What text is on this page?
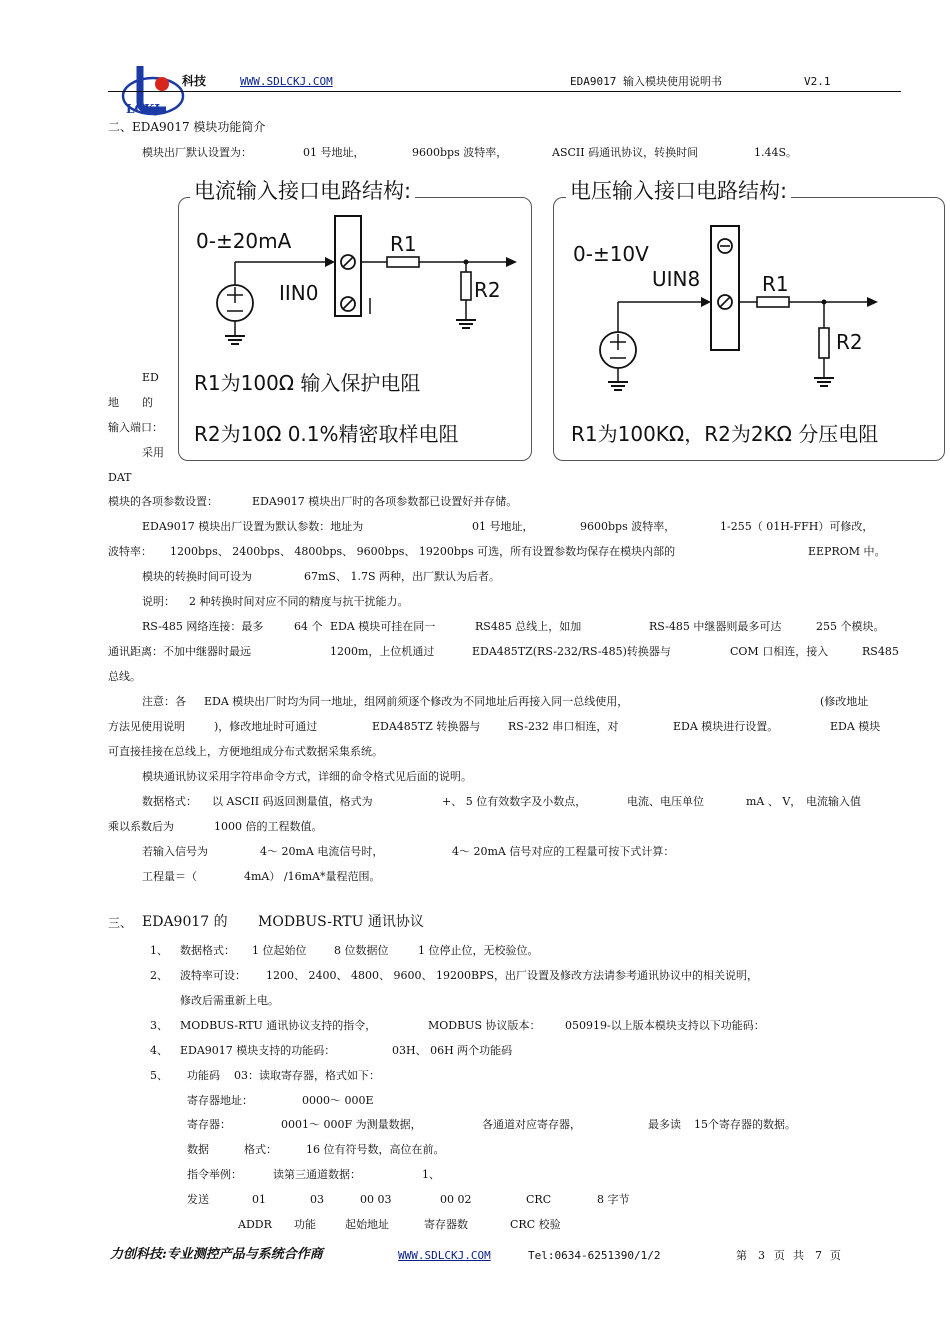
LCKJ
科技	WWW.SDLCKJ.COM	EDA9017 输入模块使用说明书	V2.1
二、EDA9017 模块功能简介
模块出厂默认设置为：	01 号地址，	9600bps 波特率，	ASCII 码通讯协议，转换时间	1.44S。
ED
地 的
输入端口：
采用
DAT
电流输入接口电路结构:
0-±20mA
IIN0
R1
R2
R1为100Ω 输入保护电阻
R2为10Ω 0.1%精密取样电阻
电压输入接口电路结构:
0-±10V
UIN8	R1
R2
R1为100KΩ，R2为2KΩ 分压电阻
模块的各项参数设置：	EDA9017 模块出厂时的各项参数都已设置好并存储。
EDA9017 模块出厂设置为默认参数：地址为	01 号地址，	9600bps 波特率，	1-255（ 01H-FFH）可修改，
波特率： 1200bps、 2400bps、 4800bps、 9600bps、 19200bps 可选，所有设置参数均保存在模块内部的	EEPROM 中。
模块的转换时间可设为	67mS、 1.7S 两种，出厂默认为后者。
说明： 2 种转换时间对应不同的精度与抗干扰能力。
RS-485 网络连接：最多	64 个 EDA 模块可挂在同一	RS485 总线上，如加	RS-485 中继器则最多可达	255 个模块。
通讯距离：不加中继器时最远	1200m，上位机通过	EDA485TZ(RS-232/RS-485)转换器与	COM 口相连，接入	RS485
总线。
注意：各 EDA 模块出厂时均为同一地址，组网前须逐个修改为不同地址后再接入同一总线使用，	(修改地址
方法见使用说明	)，修改地址时可通过	EDA485TZ 转换器与	RS-232 串口相连，对	EDA 模块进行设置。	EDA 模块
可直接挂接在总线上，方便地组成分布式数据采集系统。
模块通讯协议采用字符串命令方式，详细的命令格式见后面的说明。
数据格式： 以 ASCII 码返回测量值，格式为	+、 5 位有效数字及小数点，	电流、电压单位	mA 、 V， 电流输入值
乘以系数后为	1000 倍的工程数值。
若输入信号为	4～ 20mA 电流信号时，	4～ 20mA 信号对应的工程量可按下式计算：
工程量＝（	4mA） /16mA*量程范围。
三、 EDA9017 的 MODBUS-RTU 通讯协议
1、 数据格式： 1 位起始位	8 位数据位	1 位停止位，无校验位。
2、 波特率可设： 1200、 2400、 4800、 9600、 19200BPS，出厂设置及修改方法请参考通讯协议中的相关说明，
修改后需重新上电。
3、 MODBUS-RTU 通讯协议支持的指令，	MODBUS 协议版本： 050919-以上版本模块支持以下功能码：
4、 EDA9017 模块支持的功能码：	03H、 06H 两个功能码
5、 功能码 03：读取寄存器，格式如下：
寄存器地址：	0000～ 000E
寄存器：	0001～ 000F 为测量数据，	各通道对应寄存器，	最多读 15个寄存器的数据。
数据	格式：	16 位有符号数，高位在前。
指令举例：	读第三通道数据：	1、
发送	01	03	00 03	00 02	CRC	8 字节
ADDR 功能	起始地址	寄存器数	CRC 校验
力创科技:专业测控产品与系统合作商	WWW.SDLCKJ.COM	Tel:0634-6251390/1/2	第 3 页 共 7 页
